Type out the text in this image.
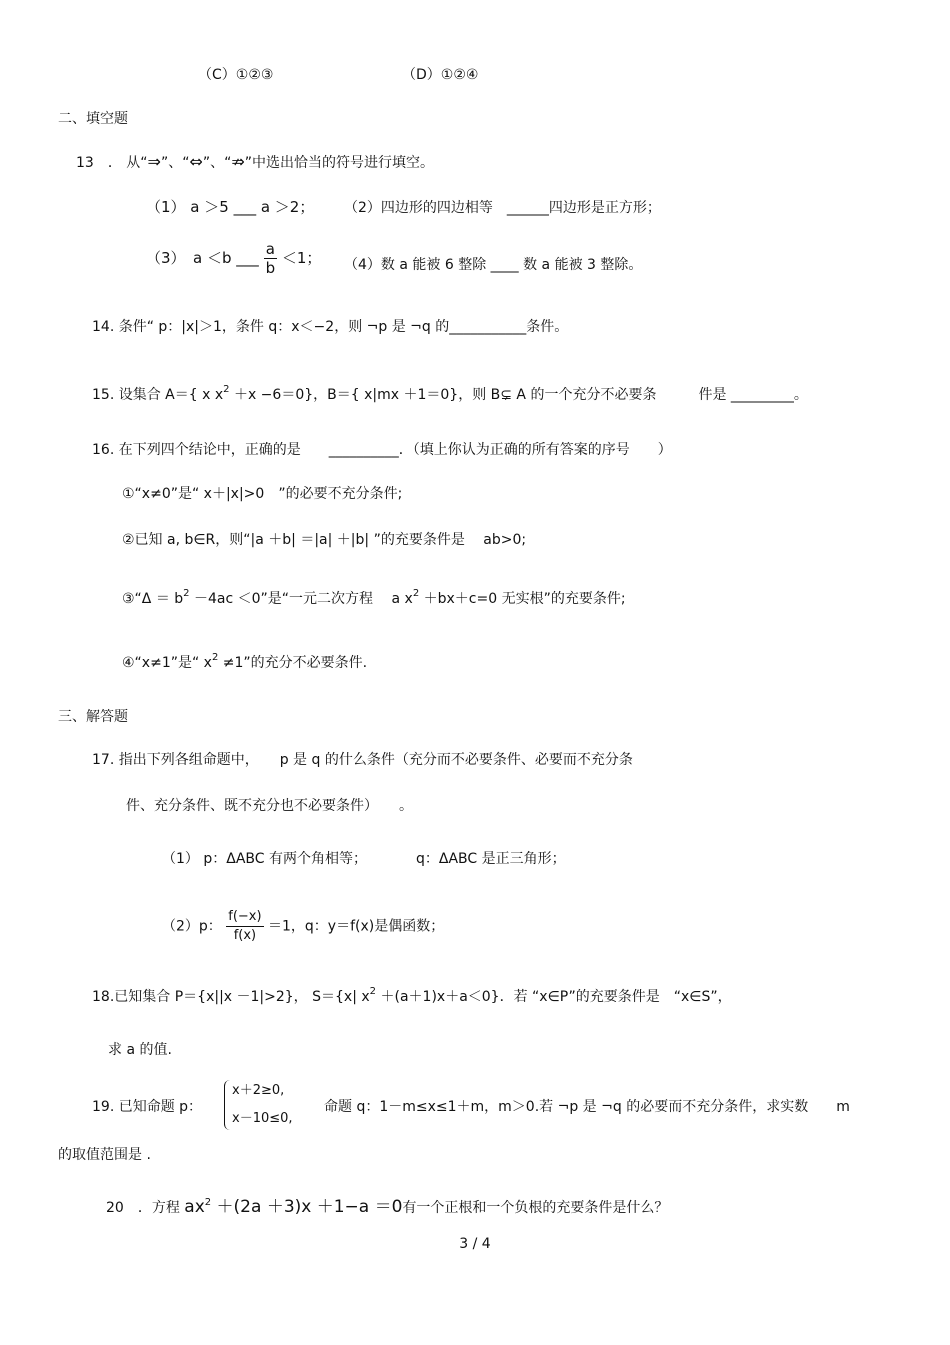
（C）①②③	（D）①②④
二、填空题
13　． 从“⇒”、“⇔”、“⇏”中选出恰当的符号进行填空。
（1） a ＞5 ___ a ＞2； （2）四边形的四边相等　______四边形是正方形；
（3）　a ＜b ___ $\frac{a}{b} <1$； （4）数 a 能被 6 整除 ____ 数 a 能被 3 整除。
14. 条件“ p：|x|＞1，条件 q：x＜−2，则 ¬p 是 ¬q 的___________条件。
15. 设集合 A＝{ x $x^2 +x -6=0$}，B＝{ x|mx ＋1＝0}，则 B⊊ A 的一个充分不必要条　　　件是 _________。
16. 在下列四个结论中，正确的是　　__________．（填上你认为正确的所有答案的序号　　）
①“x≠0”是“ x＋|x|>0　”的必要不充分条件;
②已知 a, b∈R，则“|a ＋b| ＝|a| ＋|b| ”的充要条件是　 ab>0;
③“Δ ＝ $b^2 -4ac <0$”是“一元二次方程　 a $x^2 +bx+c=0$ 无实根”的充要条件;
④“x≠1”是“ $x^2 \ne 1$”的充分不必要条件.
三、解答题
17. 指出下列各组命题中，　　p 是 q 的什么条件（充分而不必要条件、必要而不充分条
件、充分条件、既不充分也不必要条件）　　。
（1） p：ΔABC 有两个角相等；	q：ΔABC 是正三角形；
（2）p： $\frac{f(-x)}{f(x)} =1$，q：y＝f(x)是偶函数；
18.已知集合 P＝{x||x －1|>2}， S＝{x| $x^2 +(a+1)x+a<0$}．若 “x∈P”的充要条件是　“x∈S”，
求 a 的值.
19. 已知命题 p：
x＋2≥0,
x－10≤0,
命题 q：1－m≤x≤1＋m，m＞0.若 ¬p 是 ¬q 的必要而不充分条件，求实数　　m
的取值范围是 .
20　．方程 $ax^2 +(2a +3)x +1-a =0$有一个正根和一个负根的充要条件是什么？
3 / 4
